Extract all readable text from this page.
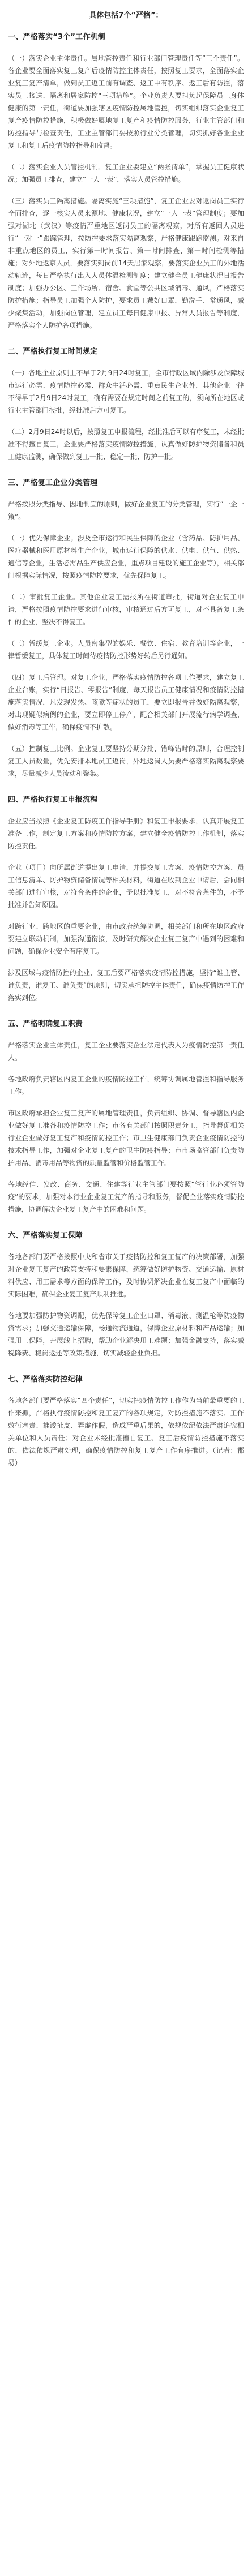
具体包括7个“严格”：
一、严格落实“3个”工作机制

（一）落实企业主体责任。属地管控责任和行业部门管理责任等“三个责任”。各企业要全面落实复工复产后疫情防控主体责任，按照复工要求，全面落实企业复工复产清单，做到员工返工前有调查、返工中有秩序、返工后有防控，落实员工接送、隔离和居家防控“三项措施”。企业负责人要担负起保障员工身体健康的第一责任，街道要加强辖区疫情防控属地管控，切实组织落实企业复工复产疫情防控措施，积极做好属地复工复产和疫情防控服务，行业主管部门和防控指导与检查责任，工业主管部门要按照行业分类管理，切实抓好各业企业复工和复工后疫情防控指导和监督。

（二）落实企业人员管控机制。复工企业要建立“两张清单”，掌握员工健康状况；加强员工排查，建立“一人一表”，落实人员管控措施。

（三）落实员工隔离措施。隔离实施“三项措施”，复工企业要对返岗员工实行全面排查，逐一核实人员来源地、健康状况，建立“一人一表”管理制度；要加强对湖北（武汉）等疫情严重地区返岗员工的隔离观察，对所有返回人员进行“一对一”跟踪管理，按防控要求落实隔离观察，严格健康跟踪监测。对来自非重点地区的员工，实行第一时间报告、第一时间排查、第一时间检测等措施；对外地返京人员，要落实到岗前14天居家观察，要落实企业员工的外地活动轨迹，每日严格执行出入人员体温检测制度；建立健全员工健康状况日报告制度；加强办公区、工作场所、宿舍、食堂等公共区域消毒、通风，严格落实防护措施；指导员工加强个人防护，要求员工戴好口罩，勤洗手、常通风，减少聚集活动，加强岗位管理，建立员工每日健康申报、异常人员报告等制度，严格落实个人防护各项措施。

二、严格执行复工时间规定

（一）各地企业原则上不早于2月9日24时复工，全市行政区域内除涉及保障城市运行必需、疫情防控必需、群众生活必需、重点民生企业外，其他企业一律不得早于2月9日24时复工，确有需要在规定时间之前复工的，须向所在地区或行业主管部门报批，经批准后方可复工。

（二）2月9日24时以后，按照复工申报流程，经批准后可以有序复工，未经批准不得擅自复工，企业要严格落实疫情防控措施，认真做好防护物资储备和员工健康监测，确保做到复工一批、稳定一批、防护一批。

三、严格复工企业分类管理

严格按照分类指导、因地制宜的原则，做好企业复工的分类管理，实行“一企一策”。

（一）优先保障企业。涉及全市运行和民生保障的企业（含药品、防护用品、医疗器械和医用原材料生产企业，城市运行保障的供水、供电、供气、供热、通信等企业，生活必需品生产供应企业，重点项目建设的施工企业等），相关部门根据实际情况，按照疫情防控要求，优先保障复工。

（二）审批复工企业。其他企业复工需报所在街道审批，街道对企业复工申请，严格按照疫情防控要求进行审核，审核通过后方可复工，对不具备复工条件的企业，坚决不得复工。

（三）暂缓复工企业。人员密集型的娱乐、餐饮、住宿、教育培训等企业，一律暂缓复工，具体复工时间待疫情防控形势好转后另行通知。

（四）复工后管理。对复工企业，严格落实疫情防控各项工作要求，建立复工企业台账，实行“日报告、零报告”制度，每天报告员工健康情况和疫情防控措施落实情况，凡发现发热、咳嗽等症状的员工，要立即报告并做好隔离观察，对出现疑似病例的企业，要立即停工停产，配合相关部门开展流行病学调查，做好消毒等工作，确保疫情不扩散。

（五）控制复工比例。企业复工要坚持分期分批、错峰错时的原则，合理控制复工人员数量，优先安排本地员工返岗，外地返岗人员要严格落实隔离观察要求，尽量减少人员流动和聚集。

四、严格执行复工申报流程

企业应当按照《企业复工防疫工作指导手册》和复工申报要求，认真开展复工准备工作，制定复工方案和疫情防控方案，建立健全疫情防控工作机制，落实防控责任。

企业（项目）向所属街道提出复工申请，并提交复工方案、疫情防控方案、员工信息清单、防护物资储备情况等相关材料，街道在收到企业申请后，会同相关部门进行审核，对符合条件的企业，予以批准复工，对不符合条件的，不予批准并告知原因。

对跨行业、跨地区的重要企业，由市政府统筹协调，相关部门和所在地区政府要建立联动机制，加强沟通衔接，及时研究解决企业复工复产中遇到的困难和问题，确保企业安全有序复工。

涉及区域与疫情防控的企业，复工后要严格落实疫情防控措施，坚持“谁主管、谁负责，谁复工、谁负责”的原则，切实承担防控主体责任，确保疫情防控工作落实到位。

五、严格明确复工职责

严格落实企业主体责任，复工企业要落实企业法定代表人为疫情防控第一责任人。

各地政府负责辖区内复工企业的疫情防控工作，统筹协调属地管控和指导服务工作。

市区政府承担企业复工复产的属地管理责任，负责组织、协调、督导辖区内企业做好复工准备和疫情防控工作；市各有关部门按照职责分工，指导督促相关行业企业做好复工复产和疫情防控工作；市卫生健康部门负责企业疫情防控的技术指导工作，加强对企业复工复产的卫生防疫指导；市市场监管部门负责防护用品、消毒用品等物资的质量监管和价格监管工作。

各地经信、发改、商务、交通、住建等行业主管部门要按照“管行业必须管防疫”的要求，加强对本行业企业复工复产的指导和服务，督促企业落实疫情防控措施，协调解决企业复工复产中的困难和问题。

六、严格落实复工保障

各地各部门要严格按照中央和省市关于疫情防控和复工复产的决策部署，加强对企业复工复产的政策支持和要素保障，统筹做好防护物资、交通运输、原材料供应、用工需求等方面的保障工作，及时协调解决企业在复工复产中面临的实际困难，确保企业复工复产顺利推进。

各地要加强防护物资调配，优先保障复工企业口罩、消毒液、测温枪等防疫物资需求；加强交通运输保障，畅通物流通道，保障企业原材料和产品运输；加强用工保障，开展线上招聘，帮助企业解决用工难题；加强金融支持，落实减税降费、稳岗返还等政策措施，切实减轻企业负担。

七、严格落实防控纪律

各地各部门要严格落实“四个责任”，切实把疫情防控工作作为当前最重要的工作来抓，严格执行疫情防控和复工复产的各项规定，对防控措施不落实、工作敷衍塞责、推诿扯皮、弄虚作假，造成严重后果的，依规依纪依法严肃追究相关单位和人员责任；对企业未经批准擅自复工、复工后疫情防控措施不落实的，依法依规严肃处理，确保疫情防控和复工复产工作有序推进。（记者：郡易）
